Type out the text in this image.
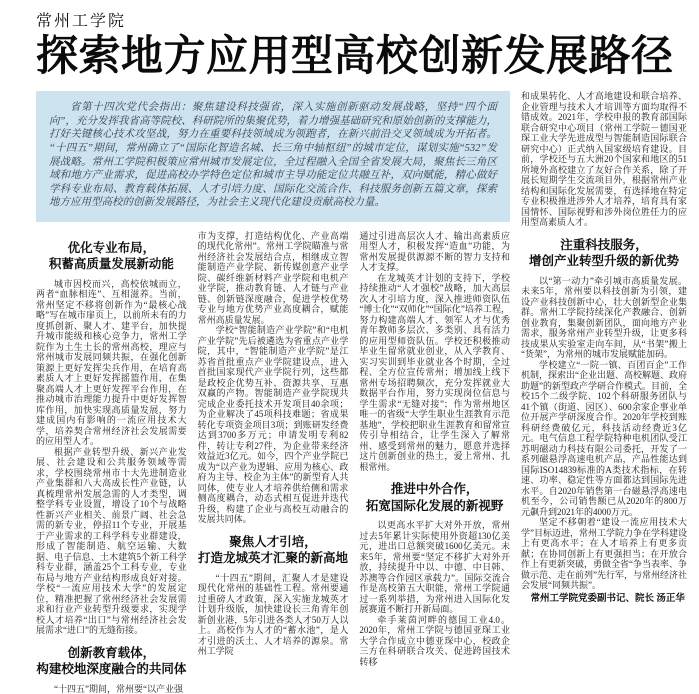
常州工学院
探索地方应用型高校创新发展路径

省第十四次党代会指出：聚焦建设科技强省，深入实施创新驱动发展战略，坚持“四个面向”，充分发挥我省高等院校、科研院所的集聚优势，着力增强基础研究和原始创新的支撑能力，打好关键核心技术攻坚战，努力在重要科技领域成为领跑者，在新兴前沿交叉领域成为开拓者。“十四五”期间，常州确立了“国际化智造名城、长三角中轴枢纽”的城市定位，谋划实施“532”发展战略。常州工学院积极策应常州城市发展定位，全过程融入全国全省发展大局，聚焦长三角区域和地方产业需求，促进高校办学特色定位和城市主导功能定位共融互补，双向赋能，精心做好学科专业布局、教育载体拓展、人才引培力度、国际化交流合作、科技服务创新五篇文章，探索地方应用型高校的创新发展路径，为社会主义现代化建设贡献高校力量。

优化专业布局，
积蓄高质量发展新动能

城市因校而兴，高校依城而立，两者“血脉相连”、互相滋养。当前，常州坚定不移将创新作为“最核心战略”写在城市扉页上，以前所未有的力度抓创新、聚人才、建平台，加快提升城市能级和核心竞争力，常州工学院作为土生土长的常州高校，理应与常州城市发展同频共振，在强化创新策源上更好发挥尖兵作用，在培育高素质人才上更好发挥摇篮作用，在集聚高端人才上更好发挥平台作用，在推动城市治理能力提升中更好发挥智库作用，加快实现高质量发展，努力建成国内有影响的一流应用技术大学，培养契合常州经济社会发展需要的应用型人才。

根据产业转型升级、新兴产业发展、社会建设和公共服务领域等需求，学校围绕常州市十大先进制造业产业集群和八大高成长性产业链，认真梳理常州发展急需的人才类型，调整学科专业设置，增设了10个与战略性新兴产业相关、前景广阔、社会急需的新专业，停招11个专业，开展基于产业需求的工科学科专业群建设，形成了智能制造、航空运输、大数据、电子信息、土木建筑5个新工科学科专业群，涵盖25个工科专业，专业布局与地方产业结构形成良好对接。学校“一流应用技术大学”的发展定位，精准把握了常州经济社会发展需求和行业产业转型升级要求，实现学校人才培养“出口”与常州经济社会发展需求“进口”的无缝衔接。

创新教育载体，
构建校地深度融合的共同体

“十四五”期间，常州要“以产业强

市为支撑，打造结构优化、产业高端的现代化常州”。常州工学院瞄准与常州经济社会发展结合点，相继成立智能制造产业学院、新传媒创意产业学院、碳纤维新材料产业学院和电机产业学院，推动教育链、人才链与产业链、创新链深度融合，促进学校优势专业与地方优势产业高度耦合，赋能常州高质量发展。

学校“智能制造产业学院”和“电机产业学院”先后被遴选为省重点产业学院，其中，“智能制造产业学院”是江苏省首批重点产业学院建设点，进入首批国家现代产业学院行列，这些都是政校企优势互补、资源共享、互惠双赢的产物。智能制造产业学院现共完成企业委托技术开发项目40余项；为企业解决了45项科技难题；省成果转化专项资金项目3项；到账研发经费达到3700多万元；申请发明专利82件，转让专利27件，为企业带来经济效益近3亿元。如今，四个产业学院已成为“以产业为逻辑、应用为核心、政府为主导、校企为主体”的新型育人共同体，使专业人才培养供给侧和需求侧高度耦合，动态式相互促进并迭代升级，构建了企业与高校互动融合的发展共同体。

聚焦人才引培，
打造龙城英才汇聚的新高地

“十四五”期间，汇聚人才是建设现代化常州的基础性工程。常州要通过重磅人才政策，深入实施龙城英才计划升级版，加快建设长三角青年创新创业港，5年引进各类人才50万人以上。高校作为人才的“蓄水池”，是人才引进的沃土、人才培养的源泉。常州工学院

通过引进高层次人才、输出高素质应用型人才，积极发挥“造血”功能，为常州发展提供源源不断的智力支持和人才支撑。

在龙城英才计划的支持下，学校持续推动“人才强校”战略，加大高层次人才引培力度，深入推进师资队伍“博士化”“双师化”“国际化”培养工程，努力构建高端人才、领军人才与优秀青年教师多层次、多类别、具有活力的应用型师资队伍。学校还积极推动毕业生留常就业创业，从入学教育、实习实训到毕业就业各个时期，全过程、全方位宣传常州；增加线上线下常州专场招聘频次，充分发挥就业大数据平台作用，努力实现岗位信息与学生需求“无缝对接”；作为常州地区唯一的省级“大学生职业生涯教育示范基地”，学校把职业生涯教育和留常宣传引导相结合，让学生深入了解常州、感受到常州的魅力，愿意并选择这片创新创业的热土，爱上常州、扎根常州。

推进中外合作，
拓宽国际化发展的新视野

以更高水平扩大对外开放，常州过去5年累计实际使用外资超130亿美元，进出口总额突破1600亿美元。未来5年，常州要“坚定不移扩大对外开放，持续提升中以、中德、中日韩、苏澳等合作园区承载力”。国际交流合作是高校第五大职能，常州工学院通过一系列举措，为常州进入国际化发展赛道不断打开新局面。

牵手莱茵河畔的德国工业4.0。2020年，常州工学院与德国亚琛工业大学合作成立中德亚琛中心，校政企三方在科研联合攻关、促进跨国技术转移

和成果转化、人才高地建设和联合培养、企业管理与技术人才培训等方面均取得不错成效。2021年，学校申报的教育部国际联合研究中心项目（常州工学院－德国亚琛工业大学先进成型与智能制造国际联合研究中心）正式纳入国家级培育建设。目前，学校还与五大洲20个国家和地区的51所境外高校建立了友好合作关系，除了开展长短期学生交流项目外，根据常州产业结构和国际化发展需要，有选择地在特定专业积极推进涉外人才培养，培育具有家国情怀、国际视野和涉外岗位胜任力的应用型高素质人才。

注重科技服务，
增创产业转型升级的新优势

以“第一动力”牵引城市高质量发展。未来5年，常州要以科技创新为引领，建设产业科技创新中心，壮大创新型企业集群。常州工学院持续深化产教融合、创新创业教育，集聚创新团队，面向地方产业需求，服务常州产业转型升级，让更多科技成果从实验室走向车间，从“书架”搬上“货架”，为常州的城市发展赋能加码。

学校建立“一院一镇、百团百企”工作机制，探索出“企业出题、高校解题、政府助题”的新型政产学研合作模式。目前，全校15个二级学院、102个科研服务团队与41个镇（街道、园区）、600余家企事业单位开展产学研深度合作。2020年学校到账科研经费破亿元，科技活动经费近3亿元。电气信息工程学院特种电机团队受江苏明磁动力科技有限公司委托，开发了一系列磁悬浮高速电机产品，产品性能达到国际ISO14839标准的A类技术指标，在转速、功率、稳定性等方面都达到国际先进水平。自2020年销售第一台磁悬浮高速电机至今，公司销售额已从2020年的800万元飙升到2021年的4000万元。

坚定不移朝着“建设一流应用技术大学”目标迈进，常州工学院力争在学科建设上有更高水平；在人才培养上有更多贡献；在协同创新上有更强担当；在开放合作上有更新突破，勇做全省“争当表率、争做示范、走在前列”先行军，与常州经济社会发展“同频共振”。

常州工学院党委副书记、院长 汤正华
